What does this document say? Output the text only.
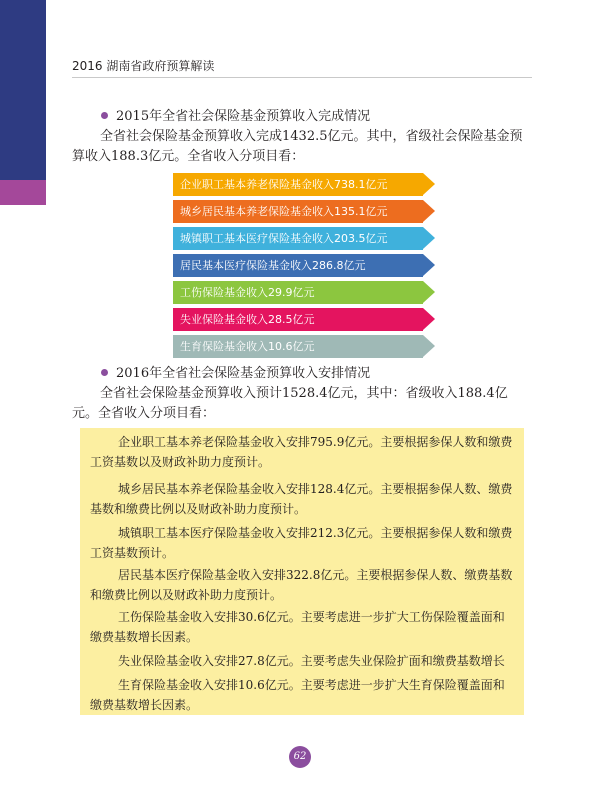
2016 湖南省政府预算解读
2015年全省社会保险基金预算收入完成情况
全省社会保险基金预算收入完成1432.5亿元。其中，省级社会保险基金预算收入188.3亿元。全省收入分项目看：
企业职工基本养老保险基金收入738.1亿元
城乡居民基本养老保险基金收入135.1亿元
城镇职工基本医疗保险基金收入203.5亿元
居民基本医疗保险基金收入286.8亿元
工伤保险基金收入29.9亿元
失业保险基金收入28.5亿元
生育保险基金收入10.6亿元
2016年全省社会保险基金预算收入安排情况
全省社会保险基金预算收入预计1528.4亿元，其中：省级收入188.4亿元。全省收入分项目看：
企业职工基本养老保险基金收入安排795.9亿元。主要根据参保人数和缴费工资基数以及财政补助力度预计。
城乡居民基本养老保险基金收入安排128.4亿元。主要根据参保人数、缴费基数和缴费比例以及财政补助力度预计。
城镇职工基本医疗保险基金收入安排212.3亿元。主要根据参保人数和缴费工资基数预计。
居民基本医疗保险基金收入安排322.8亿元。主要根据参保人数、缴费基数和缴费比例以及财政补助力度预计。
工伤保险基金收入安排30.6亿元。主要考虑进一步扩大工伤保险覆盖面和缴费基数增长因素。
失业保险基金收入安排27.8亿元。主要考虑失业保险扩面和缴费基数增长
生育保险基金收入安排10.6亿元。主要考虑进一步扩大生育保险覆盖面和缴费基数增长因素。
62
